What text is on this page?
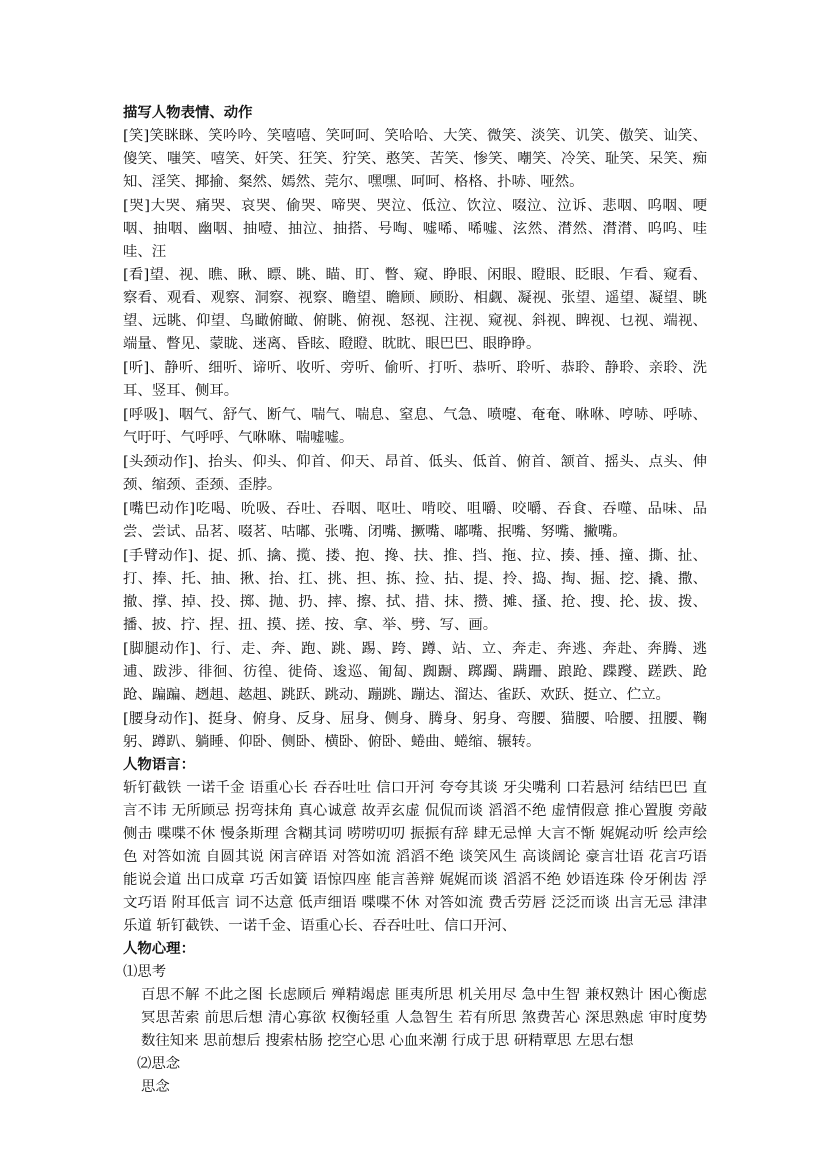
描写人物表情、动作

[笑]笑眯眯、笑吟吟、笑嘻嘻、笑呵呵、笑哈哈、大笑、微笑、淡笑、讥笑、傲笑、讪笑、傻笑、嗤笑、嘻笑、奸笑、狂笑、狞笑、憨笑、苦笑、惨笑、嘲笑、冷笑、耻笑、呆笑、痴知、淫笑、揶揄、粲然、嫣然、莞尔、嘿嘿、呵呵、格格、扑哧、哑然。

[哭]大哭、痛哭、哀哭、偷哭、啼哭、哭泣、低泣、饮泣、啜泣、泣诉、悲咽、呜咽、哽咽、抽咽、幽咽、抽噎、抽泣、抽搭、号啕、嘘唏、唏嘘、泫然、潸然、潸潸、呜呜、哇哇、汪

[看]望、视、瞧、瞅、瞟、眺、瞄、盯、瞥、窥、睁眼、闲眼、瞪眼、眨眼、乍看、窥看、察看、观看、观察、洞察、视察、瞻望、瞻顾、顾盼、相觑、凝视、张望、遥望、凝望、眺望、远眺、仰望、鸟瞰俯瞰、俯眺、俯视、怒视、注视、窥视、斜视、睥视、乜视、端视、端量、瞥见、蒙眬、迷离、昏眩、瞪瞪、眈眈、眼巴巴、眼睁睁。

[听]、静听、细听、谛听、收听、旁听、偷听、打听、恭听、聆听、恭聆、静聆、亲聆、洗耳、竖耳、侧耳。

[呼吸]、咽气、舒气、断气、喘气、喘息、窒息、气急、喷嚏、奄奄、咻咻、哼哧、呼哧、气吁吁、气呼呼、气咻咻、喘嘘嘘。

[头颈动作]、抬头、仰头、仰首、仰天、昂首、低头、低首、俯首、颔首、摇头、点头、伸颈、缩颈、歪颈、歪脖。

[嘴巴动作]吃喝、吮吸、吞吐、吞咽、呕吐、啃咬、咀嚼、咬嚼、吞食、吞噬、品味、品尝、尝试、品茗、啜茗、咕嘟、张嘴、闭嘴、撅嘴、嘟嘴、抿嘴、努嘴、撇嘴。

[手臂动作]、捉、抓、擒、揽、搂、抱、搀、扶、推、挡、拖、拉、揍、捶、撞、撕、扯、打、捧、托、抽、揪、抬、扛、挑、担、拣、捡、拈、提、拎、捣、掏、掘、挖、撬、撒、撤、撑、掉、投、掷、抛、扔、摔、擦、拭、措、抹、攒、摊、搔、抢、搜、抡、拔、拨、播、披、拧、捏、扭、摸、搓、按、拿、举、劈、写、画。

[脚腿动作]、行、走、奔、跑、跳、踢、跨、蹲、站、立、奔走、奔逃、奔赴、奔腾、逃逋、跋涉、徘徊、彷徨、徙倚、逡巡、匍匐、踟蹰、踯躅、蹒跚、踉跄、蹀躞、蹉跌、跄跄、蹁蹁、趔趄、趑趄、跳跃、跳动、蹦跳、蹦达、溜达、雀跃、欢跃、挺立、伫立。

[腰身动作]、挺身、俯身、反身、屈身、侧身、腾身、躬身、弯腰、猫腰、哈腰、扭腰、鞠躬、蹲趴、躺睡、仰卧、侧卧、横卧、俯卧、蜷曲、蜷缩、辗转。

人物语言：

斩钉截铁 一诺千金 语重心长 吞吞吐吐 信口开河 夸夸其谈 牙尖嘴利 口若悬河 结结巴巴 直言不讳 无所顾忌 拐弯抹角 真心诚意 故弄玄虚 侃侃而谈 滔滔不绝 虚情假意 推心置腹 旁敲侧击 喋喋不休 慢条斯理 含糊其词 唠唠叨叨 振振有辞 肆无忌惮 大言不惭 娓娓动听 绘声绘色 对答如流 自圆其说 闲言碎语 对答如流 滔滔不绝 谈笑风生 高谈阔论 豪言壮语 花言巧语 能说会道 出口成章 巧舌如簧 语惊四座 能言善辩 娓娓而谈 滔滔不绝 妙语连珠 伶牙俐齿 浮文巧语 附耳低言 词不达意 低声细语 喋喋不休 对答如流 费舌劳唇 泛泛而谈 出言无忌 津津乐道 斩钉截铁、一诺千金、语重心长、吞吞吐吐、信口开河、

人物心理：

⑴思考

百思不解 不此之图 长虑顾后 殚精竭虑 匪夷所思 机关用尽 急中生智 兼权熟计 困心衡虑 冥思苦索 前思后想 清心寡欲 权衡轻重 人急智生 若有所思 煞费苦心 深思熟虑 审时度势 数往知来 思前想后 搜索枯肠 挖空心思 心血来潮 行成于思 研精覃思 左思右想

⑵思念

思念
